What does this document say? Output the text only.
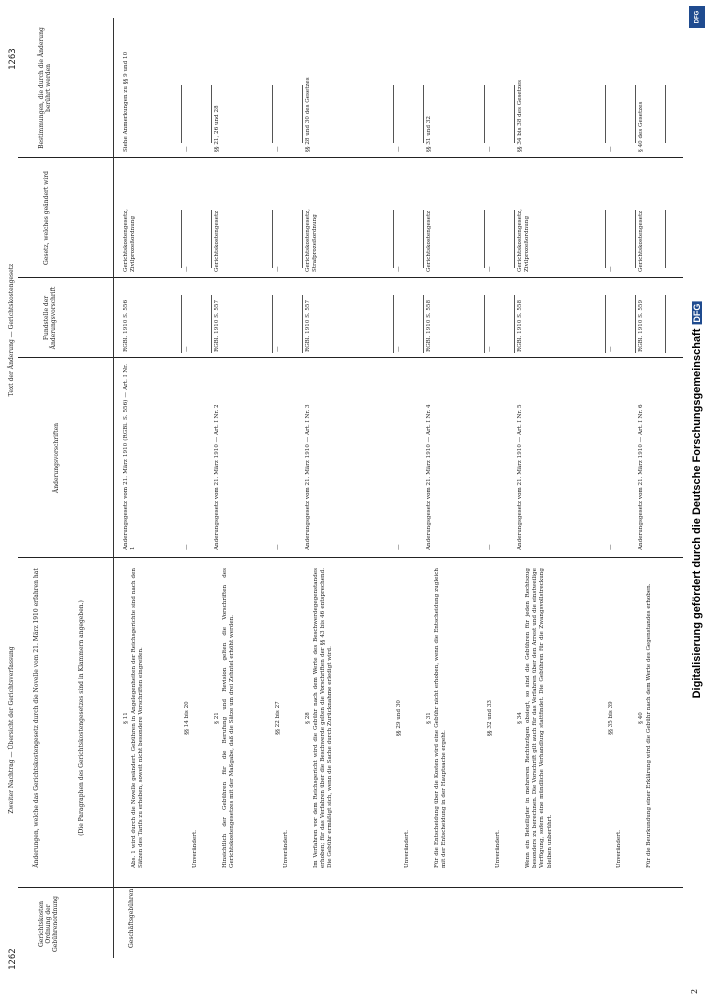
1262
1263
Zweiter Nachtrag — Übersicht der Gerichtsverfassung
Text der Änderung — Gerichtskostengesetz
Gerichtskosten Ordnung der Gebührenordnung
Änderungen, welche das Gerichtskostengesetz durch die Novelle vom 21. März 1910 erfahren hat	(Die Paragraphen des Gerichtskostengesetzes sind in Klammern angegeben.)
Änderungsvorschriften
Fundstelle der Änderungsvorschrift
Gesetz, welches geändert wird
Bestimmungen, die durch die Änderung berührt werden
Geschäftsgebühren
§ 11 Abs. 1 wird durch die Novelle geändert. Gebühren in Angelegenheiten der Reichsgerichte sind nach den Sätzen des Tarifs zu erheben, soweit nicht besondere Vorschriften eingreifen.
Änderungsgesetz vom 21. März 1910 (RGBl. S. 556) — Art. I Nr. 1
RGBl. 1910 S. 556
Gerichtskostengesetz, Zivilprozeßordnung
Siehe Anmerkungen zu §§ 9 und 10
§§ 14 bis 20
Unverändert.
—
—
—
—
§ 21 Hinsichtlich der Gebühren für die Berufung und Revision gelten die Vorschriften des Gerichtskostengesetzes mit der Maßgabe, daß die Sätze um drei Zehntel erhöht werden.
Änderungsgesetz vom 21. März 1910 — Art. I Nr. 2
RGBl. 1910 S. 557
Gerichtskostengesetz
§§ 21, 26 und 28
§§ 22 bis 27
Unverändert.
—
—
—
—
§ 28 Im Verfahren vor dem Reichsgericht wird die Gebühr nach dem Werte des Beschwerdegegenstandes erhoben; für das Verfahren über die Beschwerde gelten die Vorschriften der §§ 43 bis 46 entsprechend. Die Gebühr ermäßigt sich, wenn die Sache durch Zurücknahme erledigt wird.
Änderungsgesetz vom 21. März 1910 — Art. I Nr. 3
RGBl. 1910 S. 557
Gerichtskostengesetz, Strafprozeßordnung
§§ 28 und 30 des Gesetzes
§§ 29 und 30
Unverändert.
—
—
—
—
§ 31 Für die Entscheidung über die Kosten wird eine Gebühr nicht erhoben, wenn die Entscheidung zugleich mit der Entscheidung in der Hauptsache ergeht.
Änderungsgesetz vom 21. März 1910 — Art. I Nr. 4
RGBl. 1910 S. 558
Gerichtskostengesetz
§§ 31 und 32
§§ 32 und 33
Unverändert.
—
—
—
—
§ 34 Wenn ein Beteiligter in mehreren Rechtszügen obsiegt, so sind die Gebühren für jeden Rechtszug besonders zu berechnen. Die Vorschrift gilt auch für das Verfahren über den Arrest und die einstweilige Verfügung, sofern eine mündliche Verhandlung stattfindet. Die Gebühren für die Zwangsvollstreckung bleiben unberührt.
Änderungsgesetz vom 21. März 1910 — Art. I Nr. 5
RGBl. 1910 S. 558
Gerichtskostengesetz, Zivilprozeßordnung
§§ 34 bis 38 des Gesetzes
§§ 35 bis 39
Unverändert.
—
—
—
—
§ 40 Für die Beurkundung einer Erklärung wird die Gebühr nach dem Werte des Gegenstandes erhoben.
Änderungsgesetz vom 21. März 1910 — Art. I Nr. 6
RGBl. 1910 S. 559
Gerichtskostengesetz
§ 40 des Gesetzes
2
DFG
Digitalisierung gefördert durch die Deutsche ForschungsgemeinschaftDFG
